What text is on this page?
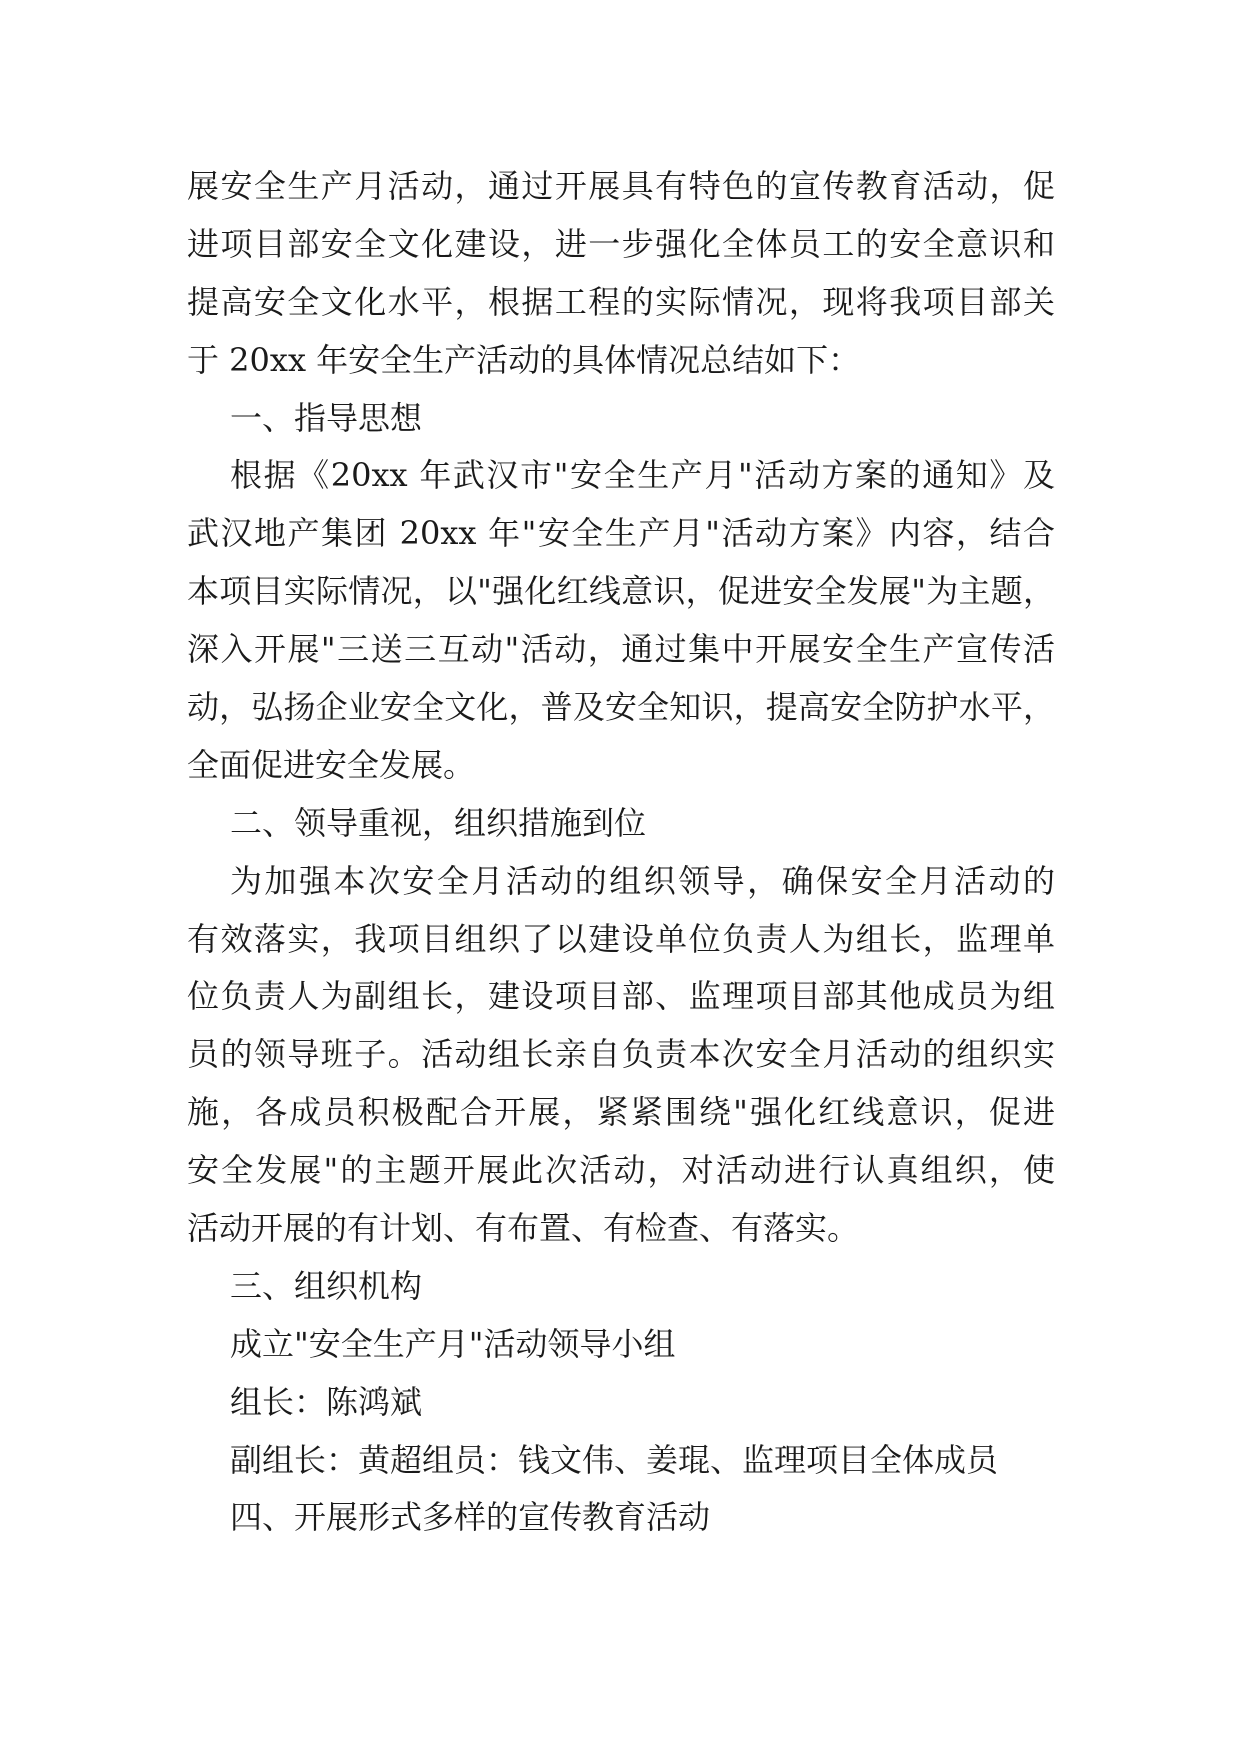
展安全生产月活动，通过开展具有特色的宣传教育活动，促
进项目部安全文化建设，进一步强化全体员工的安全意识和
提高安全文化水平，根据工程的实际情况，现将我项目部关
于 20xx 年安全生产活动的具体情况总结如下：
一、指导思想
根据《20xx 年武汉市"安全生产月"活动方案的通知》及
武汉地产集团 20xx 年"安全生产月"活动方案》内容，结合
本项目实际情况，以"强化红线意识，促进安全发展"为主题，
深入开展"三送三互动"活动，通过集中开展安全生产宣传活
动，弘扬企业安全文化，普及安全知识，提高安全防护水平，
全面促进安全发展。
二、领导重视，组织措施到位
为加强本次安全月活动的组织领导，确保安全月活动的
有效落实，我项目组织了以建设单位负责人为组长，监理单
位负责人为副组长，建设项目部、监理项目部其他成员为组
员的领导班子。活动组长亲自负责本次安全月活动的组织实
施，各成员积极配合开展，紧紧围绕"强化红线意识，促进
安全发展"的主题开展此次活动，对活动进行认真组织，使
活动开展的有计划、有布置、有检查、有落实。
三、组织机构
成立"安全生产月"活动领导小组
组长：陈鸿斌
副组长：黄超组员：钱文伟、姜琨、监理项目全体成员
四、开展形式多样的宣传教育活动
